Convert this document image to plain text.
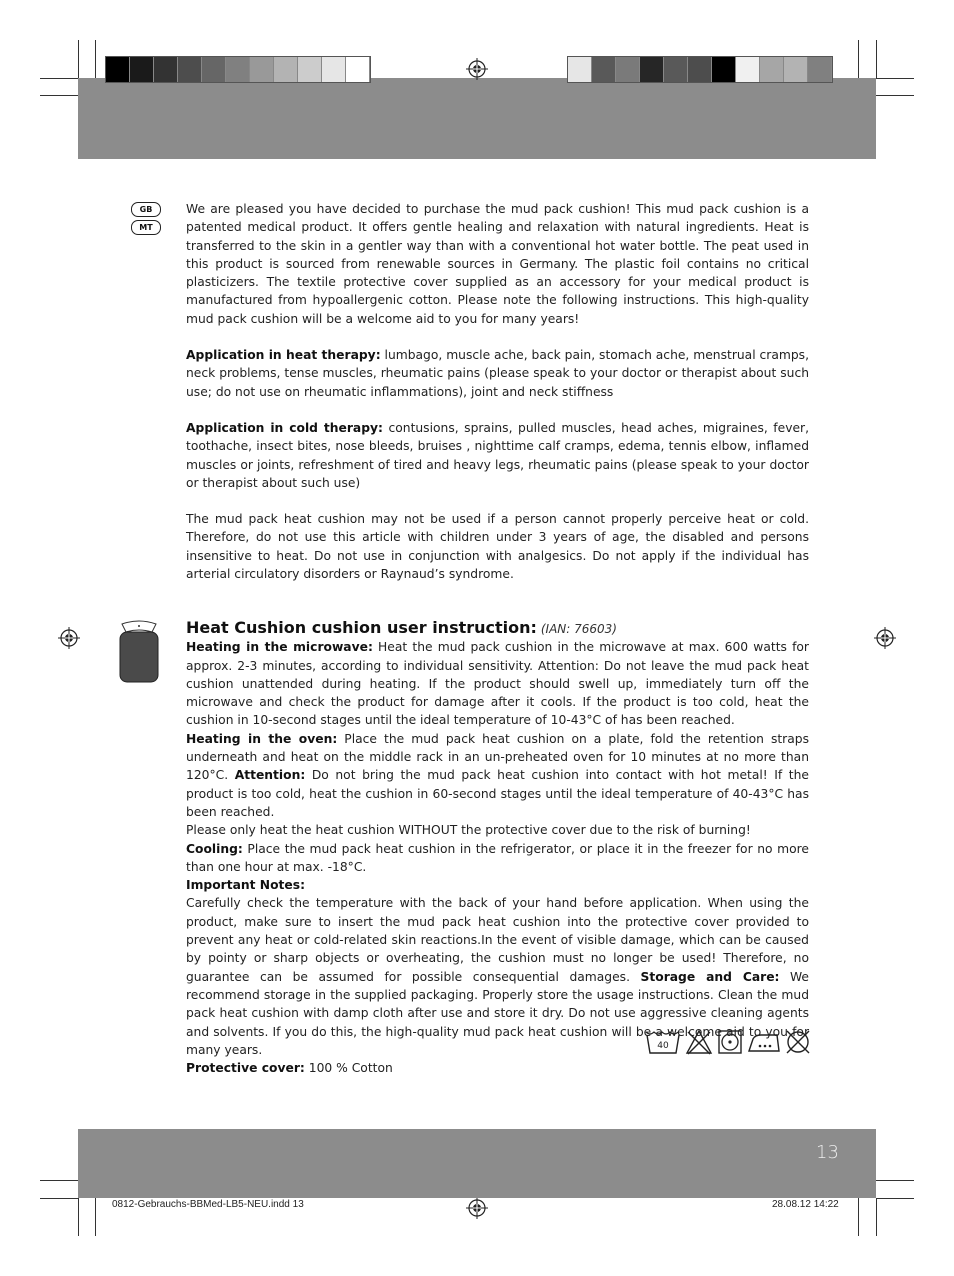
GB
MT

We are pleased you have decided to purchase the mud pack cushion! This mud pack cushion is a patented medical product. It offers gentle healing and relaxation with natural ingredients. Heat is transferred to the skin in a gentler way than with a conventional hot water bottle. The peat used in this product is sourced from renewable sources in Germany. The plastic foil contains no critical plasticizers. The textile protective cover supplied as an accessory for your medical product is manufactured from hypoallergenic cotton. Please note the following instructions. This high-quality mud pack cushion will be a welcome aid to you for many years!

Application in heat therapy: lumbago, muscle ache, back pain, stomach ache, menstrual cramps, neck problems, tense muscles, rheumatic pains (please speak to your doctor or therapist about such use; do not use on rheumatic inflammations), joint and neck stiffness

Application in cold therapy: contusions, sprains, pulled muscles, head aches, migraines, fever, toothache, insect bites, nose bleeds, bruises , nighttime calf cramps, edema, tennis elbow, inflamed muscles or joints, refreshment of tired and heavy legs, rheumatic pains (please speak to your doctor or therapist about such use)

The mud pack heat cushion may not be used if a person cannot properly perceive heat or cold. Therefore, do not use this article with children under 3 years of age, the disabled and persons insensitive to heat. Do not use in conjunction with analgesics. Do not apply if the individual has arterial circulatory disorders or Raynaud’s syndrome.

Heat Cushion cushion user instruction: (IAN: 76603)

Heating in the microwave: Heat the mud pack cushion in the microwave at max. 600 watts for approx. 2-3 minutes, according to individual sensitivity. Attention: Do not leave the mud pack heat cushion unattended during heating. If the product should swell up, immediately turn off the microwave and check the product for damage after it cools. If the product is too cold, heat the cushion in 10-second stages until the ideal temperature of 10-43°C of has been reached.

Heating in the oven: Place the mud pack heat cushion on a plate, fold the retention straps underneath and heat on the middle rack in an un-preheated oven for 10 minutes at no more than 120°C. Attention: Do not bring the mud pack heat cushion into contact with hot metal! If the product is too cold, heat the cushion in 60-second stages until the ideal temperature of 40-43°C has been reached.

Please only heat the heat cushion WITHOUT the protective cover due to the risk of burning!

Cooling: Place the mud pack heat cushion in the refrigerator, or place it in the freezer for no more than one hour at max. -18°C.

Important Notes:

Carefully check the temperature with the back of your hand before application. When using the product, make sure to insert the mud pack heat cushion into the protective cover provided to prevent any heat or cold-related skin reactions.In the event of visible damage, which can be caused by pointy or sharp objects or overheating, the cushion must no longer be used! Therefore, no guarantee can be assumed for possible consequential damages. Storage and Care: We recommend storage in the supplied packaging. Properly store the usage instructions. Clean the mud pack heat cushion with damp cloth after use and store it dry. Do not use aggressive cleaning agents and solvents. If you do this, the high-quality mud pack heat cushion will be a welcome aid to you for many years.

Protective cover: 100 % Cotton

40
13
0812-Gebrauchs-BBMed-LB5-NEU.indd 13	28.08.12 14:22
